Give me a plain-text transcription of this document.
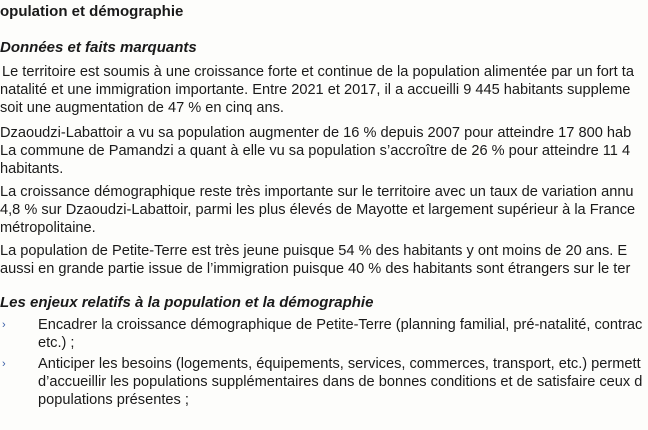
opulation et démographie
Données et faits marquants
Le territoire est soumis à une croissance forte et continue de la population alimentée par un fort ta
natalité et une immigration importante. Entre 2021 et 2017, il a accueilli 9 445 habitants suppleme
soit une augmentation de 47 % en cinq ans.
Dzaoudzi-Labattoir a vu sa population augmenter de 16 % depuis 2007 pour atteindre 17 800 hab
La commune de Pamandzi a quant à elle vu sa population s’accroître de 26 % pour atteindre 11 4
habitants.
La croissance démographique reste très importante sur le territoire avec un taux de variation annu
4,8 % sur Dzaoudzi-Labattoir, parmi les plus élevés de Mayotte et largement supérieur à la France
métropolitaine.
La population de Petite-Terre est très jeune puisque 54 % des habitants y ont moins de 20 ans. E
aussi en grande partie issue de l’immigration puisque 40 % des habitants sont étrangers sur le ter
Les enjeux relatifs à la population et la démographie
› Encadrer la croissance démographique de Petite-Terre (planning familial, pré-natalité, contrac
etc.) ;
› Anticiper les besoins (logements, équipements, services, commerces, transport, etc.) permett
d’accueillir les populations supplémentaires dans de bonnes conditions et de satisfaire ceux d
populations présentes ;
